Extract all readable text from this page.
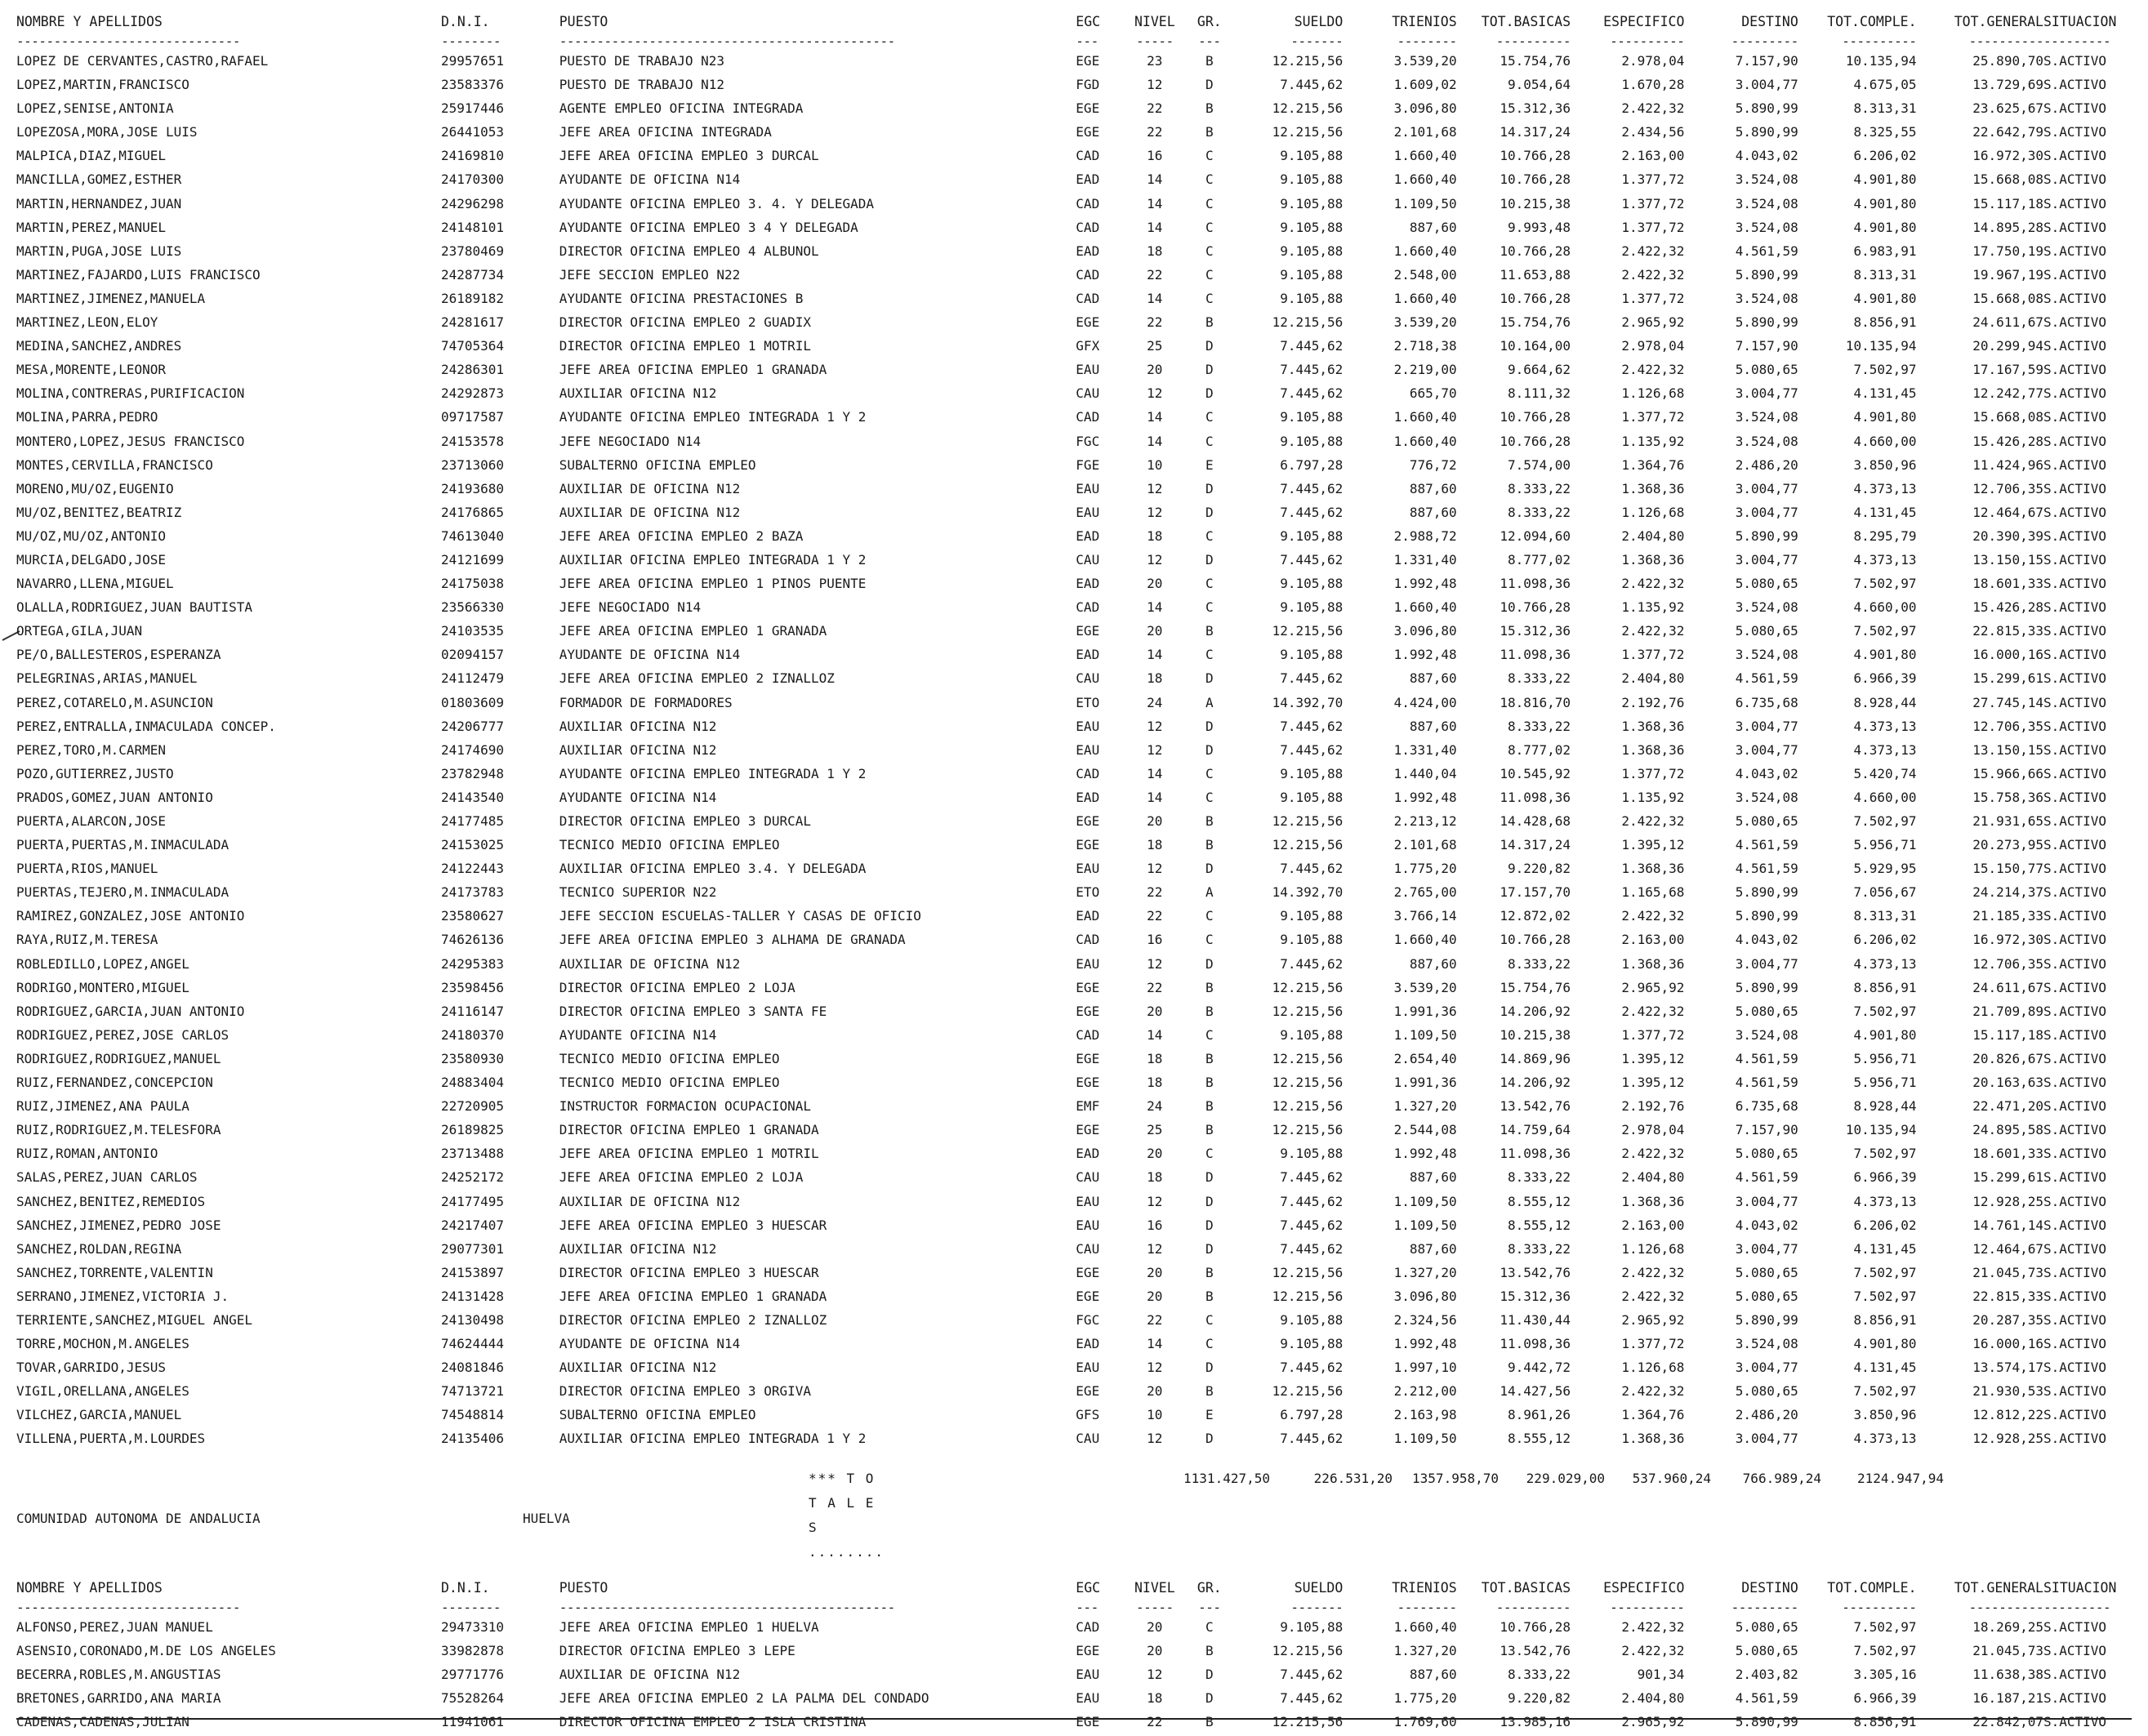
NOMBRE Y APELLIDOS	D.N.I.	PUESTO	EGC	NIVEL	GR.	SUELDO	TRIENIOS	TOT.BASICAS	ESPECIFICO	DESTINO	TOT.COMPLE.	TOT.GENERAL	SITUACION
------------------------------	--------	---------------------------------------------	---	-----	---	-------	--------	----------	----------	---------	----------	----------	---------
LOPEZ DE CERVANTES,CASTRO,RAFAEL	29957651	PUESTO DE TRABAJO N23	EGE	23	B	12.215,56	3.539,20	15.754,76	2.978,04	7.157,90	10.135,94	25.890,70	S.ACTIVO
LOPEZ,MARTIN,FRANCISCO	23583376	PUESTO DE TRABAJO N12	FGD	12	D	7.445,62	1.609,02	9.054,64	1.670,28	3.004,77	4.675,05	13.729,69	S.ACTIVO
LOPEZ,SENISE,ANTONIA	25917446	AGENTE EMPLEO OFICINA INTEGRADA	EGE	22	B	12.215,56	3.096,80	15.312,36	2.422,32	5.890,99	8.313,31	23.625,67	S.ACTIVO
LOPEZOSA,MORA,JOSE LUIS	26441053	JEFE AREA OFICINA INTEGRADA	EGE	22	B	12.215,56	2.101,68	14.317,24	2.434,56	5.890,99	8.325,55	22.642,79	S.ACTIVO
MALPICA,DIAZ,MIGUEL	24169810	JEFE AREA OFICINA EMPLEO 3 DURCAL	CAD	16	C	9.105,88	1.660,40	10.766,28	2.163,00	4.043,02	6.206,02	16.972,30	S.ACTIVO
MANCILLA,GOMEZ,ESTHER	24170300	AYUDANTE DE OFICINA N14	EAD	14	C	9.105,88	1.660,40	10.766,28	1.377,72	3.524,08	4.901,80	15.668,08	S.ACTIVO
MARTIN,HERNANDEZ,JUAN	24296298	AYUDANTE OFICINA EMPLEO 3. 4. Y DELEGADA	CAD	14	C	9.105,88	1.109,50	10.215,38	1.377,72	3.524,08	4.901,80	15.117,18	S.ACTIVO
MARTIN,PEREZ,MANUEL	24148101	AYUDANTE OFICINA EMPLEO 3 4 Y DELEGADA	CAD	14	C	9.105,88	887,60	9.993,48	1.377,72	3.524,08	4.901,80	14.895,28	S.ACTIVO
MARTIN,PUGA,JOSE LUIS	23780469	DIRECTOR OFICINA EMPLEO 4 ALBUNOL	EAD	18	C	9.105,88	1.660,40	10.766,28	2.422,32	4.561,59	6.983,91	17.750,19	S.ACTIVO
MARTINEZ,FAJARDO,LUIS FRANCISCO	24287734	JEFE SECCION EMPLEO N22	CAD	22	C	9.105,88	2.548,00	11.653,88	2.422,32	5.890,99	8.313,31	19.967,19	S.ACTIVO
MARTINEZ,JIMENEZ,MANUELA	26189182	AYUDANTE OFICINA PRESTACIONES B	CAD	14	C	9.105,88	1.660,40	10.766,28	1.377,72	3.524,08	4.901,80	15.668,08	S.ACTIVO
MARTINEZ,LEON,ELOY	24281617	DIRECTOR OFICINA EMPLEO 2 GUADIX	EGE	22	B	12.215,56	3.539,20	15.754,76	2.965,92	5.890,99	8.856,91	24.611,67	S.ACTIVO
MEDINA,SANCHEZ,ANDRES	74705364	DIRECTOR OFICINA EMPLEO 1 MOTRIL	GFX	25	D	7.445,62	2.718,38	10.164,00	2.978,04	7.157,90	10.135,94	20.299,94	S.ACTIVO
MESA,MORENTE,LEONOR	24286301	JEFE AREA OFICINA EMPLEO 1 GRANADA	EAU	20	D	7.445,62	2.219,00	9.664,62	2.422,32	5.080,65	7.502,97	17.167,59	S.ACTIVO
MOLINA,CONTRERAS,PURIFICACION	24292873	AUXILIAR OFICINA N12	CAU	12	D	7.445,62	665,70	8.111,32	1.126,68	3.004,77	4.131,45	12.242,77	S.ACTIVO
MOLINA,PARRA,PEDRO	09717587	AYUDANTE OFICINA EMPLEO INTEGRADA 1 Y 2	CAD	14	C	9.105,88	1.660,40	10.766,28	1.377,72	3.524,08	4.901,80	15.668,08	S.ACTIVO
MONTERO,LOPEZ,JESUS FRANCISCO	24153578	JEFE NEGOCIADO N14	FGC	14	C	9.105,88	1.660,40	10.766,28	1.135,92	3.524,08	4.660,00	15.426,28	S.ACTIVO
MONTES,CERVILLA,FRANCISCO	23713060	SUBALTERNO OFICINA EMPLEO	FGE	10	E	6.797,28	776,72	7.574,00	1.364,76	2.486,20	3.850,96	11.424,96	S.ACTIVO
MORENO,MU/OZ,EUGENIO	24193680	AUXILIAR DE OFICINA N12	EAU	12	D	7.445,62	887,60	8.333,22	1.368,36	3.004,77	4.373,13	12.706,35	S.ACTIVO
MU/OZ,BENITEZ,BEATRIZ	24176865	AUXILIAR DE OFICINA N12	EAU	12	D	7.445,62	887,60	8.333,22	1.126,68	3.004,77	4.131,45	12.464,67	S.ACTIVO
MU/OZ,MU/OZ,ANTONIO	74613040	JEFE AREA OFICINA EMPLEO 2 BAZA	EAD	18	C	9.105,88	2.988,72	12.094,60	2.404,80	5.890,99	8.295,79	20.390,39	S.ACTIVO
MURCIA,DELGADO,JOSE	24121699	AUXILIAR OFICINA EMPLEO INTEGRADA 1 Y 2	CAU	12	D	7.445,62	1.331,40	8.777,02	1.368,36	3.004,77	4.373,13	13.150,15	S.ACTIVO
NAVARRO,LLENA,MIGUEL	24175038	JEFE AREA OFICINA EMPLEO 1 PINOS PUENTE	EAD	20	C	9.105,88	1.992,48	11.098,36	2.422,32	5.080,65	7.502,97	18.601,33	S.ACTIVO
OLALLA,RODRIGUEZ,JUAN BAUTISTA	23566330	JEFE NEGOCIADO N14	CAD	14	C	9.105,88	1.660,40	10.766,28	1.135,92	3.524,08	4.660,00	15.426,28	S.ACTIVO
ORTEGA,GILA,JUAN	24103535	JEFE AREA OFICINA EMPLEO 1 GRANADA	EGE	20	B	12.215,56	3.096,80	15.312,36	2.422,32	5.080,65	7.502,97	22.815,33	S.ACTIVO
PE/O,BALLESTEROS,ESPERANZA	02094157	AYUDANTE DE OFICINA N14	EAD	14	C	9.105,88	1.992,48	11.098,36	1.377,72	3.524,08	4.901,80	16.000,16	S.ACTIVO
PELEGRINAS,ARIAS,MANUEL	24112479	JEFE AREA OFICINA EMPLEO 2 IZNALLOZ	CAU	18	D	7.445,62	887,60	8.333,22	2.404,80	4.561,59	6.966,39	15.299,61	S.ACTIVO
PEREZ,COTARELO,M.ASUNCION	01803609	FORMADOR DE FORMADORES	ETO	24	A	14.392,70	4.424,00	18.816,70	2.192,76	6.735,68	8.928,44	27.745,14	S.ACTIVO
PEREZ,ENTRALLA,INMACULADA CONCEP.	24206777	AUXILIAR OFICINA N12	EAU	12	D	7.445,62	887,60	8.333,22	1.368,36	3.004,77	4.373,13	12.706,35	S.ACTIVO
PEREZ,TORO,M.CARMEN	24174690	AUXILIAR OFICINA N12	EAU	12	D	7.445,62	1.331,40	8.777,02	1.368,36	3.004,77	4.373,13	13.150,15	S.ACTIVO
POZO,GUTIERREZ,JUSTO	23782948	AYUDANTE OFICINA EMPLEO INTEGRADA 1 Y 2	CAD	14	C	9.105,88	1.440,04	10.545,92	1.377,72	4.043,02	5.420,74	15.966,66	S.ACTIVO
PRADOS,GOMEZ,JUAN ANTONIO	24143540	AYUDANTE OFICINA N14	EAD	14	C	9.105,88	1.992,48	11.098,36	1.135,92	3.524,08	4.660,00	15.758,36	S.ACTIVO
PUERTA,ALARCON,JOSE	24177485	DIRECTOR OFICINA EMPLEO 3 DURCAL	EGE	20	B	12.215,56	2.213,12	14.428,68	2.422,32	5.080,65	7.502,97	21.931,65	S.ACTIVO
PUERTA,PUERTAS,M.INMACULADA	24153025	TECNICO MEDIO OFICINA EMPLEO	EGE	18	B	12.215,56	2.101,68	14.317,24	1.395,12	4.561,59	5.956,71	20.273,95	S.ACTIVO
PUERTA,RIOS,MANUEL	24122443	AUXILIAR OFICINA EMPLEO 3.4. Y DELEGADA	EAU	12	D	7.445,62	1.775,20	9.220,82	1.368,36	4.561,59	5.929,95	15.150,77	S.ACTIVO
PUERTAS,TEJERO,M.INMACULADA	24173783	TECNICO SUPERIOR N22	ETO	22	A	14.392,70	2.765,00	17.157,70	1.165,68	5.890,99	7.056,67	24.214,37	S.ACTIVO
RAMIREZ,GONZALEZ,JOSE ANTONIO	23580627	JEFE SECCION ESCUELAS-TALLER Y CASAS DE OFICIO	EAD	22	C	9.105,88	3.766,14	12.872,02	2.422,32	5.890,99	8.313,31	21.185,33	S.ACTIVO
RAYA,RUIZ,M.TERESA	74626136	JEFE AREA OFICINA EMPLEO 3 ALHAMA DE GRANADA	CAD	16	C	9.105,88	1.660,40	10.766,28	2.163,00	4.043,02	6.206,02	16.972,30	S.ACTIVO
ROBLEDILLO,LOPEZ,ANGEL	24295383	AUXILIAR DE OFICINA N12	EAU	12	D	7.445,62	887,60	8.333,22	1.368,36	3.004,77	4.373,13	12.706,35	S.ACTIVO
RODRIGO,MONTERO,MIGUEL	23598456	DIRECTOR OFICINA EMPLEO 2 LOJA	EGE	22	B	12.215,56	3.539,20	15.754,76	2.965,92	5.890,99	8.856,91	24.611,67	S.ACTIVO
RODRIGUEZ,GARCIA,JUAN ANTONIO	24116147	DIRECTOR OFICINA EMPLEO 3 SANTA FE	EGE	20	B	12.215,56	1.991,36	14.206,92	2.422,32	5.080,65	7.502,97	21.709,89	S.ACTIVO
RODRIGUEZ,PEREZ,JOSE CARLOS	24180370	AYUDANTE OFICINA N14	CAD	14	C	9.105,88	1.109,50	10.215,38	1.377,72	3.524,08	4.901,80	15.117,18	S.ACTIVO
RODRIGUEZ,RODRIGUEZ,MANUEL	23580930	TECNICO MEDIO OFICINA EMPLEO	EGE	18	B	12.215,56	2.654,40	14.869,96	1.395,12	4.561,59	5.956,71	20.826,67	S.ACTIVO
RUIZ,FERNANDEZ,CONCEPCION	24883404	TECNICO MEDIO OFICINA EMPLEO	EGE	18	B	12.215,56	1.991,36	14.206,92	1.395,12	4.561,59	5.956,71	20.163,63	S.ACTIVO
RUIZ,JIMENEZ,ANA PAULA	22720905	INSTRUCTOR FORMACION OCUPACIONAL	EMF	24	B	12.215,56	1.327,20	13.542,76	2.192,76	6.735,68	8.928,44	22.471,20	S.ACTIVO
RUIZ,RODRIGUEZ,M.TELESFORA	26189825	DIRECTOR OFICINA EMPLEO 1 GRANADA	EGE	25	B	12.215,56	2.544,08	14.759,64	2.978,04	7.157,90	10.135,94	24.895,58	S.ACTIVO
RUIZ,ROMAN,ANTONIO	23713488	JEFE AREA OFICINA EMPLEO 1 MOTRIL	EAD	20	C	9.105,88	1.992,48	11.098,36	2.422,32	5.080,65	7.502,97	18.601,33	S.ACTIVO
SALAS,PEREZ,JUAN CARLOS	24252172	JEFE AREA OFICINA EMPLEO 2 LOJA	CAU	18	D	7.445,62	887,60	8.333,22	2.404,80	4.561,59	6.966,39	15.299,61	S.ACTIVO
SANCHEZ,BENITEZ,REMEDIOS	24177495	AUXILIAR DE OFICINA N12	EAU	12	D	7.445,62	1.109,50	8.555,12	1.368,36	3.004,77	4.373,13	12.928,25	S.ACTIVO
SANCHEZ,JIMENEZ,PEDRO JOSE	24217407	JEFE AREA OFICINA EMPLEO 3 HUESCAR	EAU	16	D	7.445,62	1.109,50	8.555,12	2.163,00	4.043,02	6.206,02	14.761,14	S.ACTIVO
SANCHEZ,ROLDAN,REGINA	29077301	AUXILIAR OFICINA N12	CAU	12	D	7.445,62	887,60	8.333,22	1.126,68	3.004,77	4.131,45	12.464,67	S.ACTIVO
SANCHEZ,TORRENTE,VALENTIN	24153897	DIRECTOR OFICINA EMPLEO 3 HUESCAR	EGE	20	B	12.215,56	1.327,20	13.542,76	2.422,32	5.080,65	7.502,97	21.045,73	S.ACTIVO
SERRANO,JIMENEZ,VICTORIA J.	24131428	JEFE AREA OFICINA EMPLEO 1 GRANADA	EGE	20	B	12.215,56	3.096,80	15.312,36	2.422,32	5.080,65	7.502,97	22.815,33	S.ACTIVO
TERRIENTE,SANCHEZ,MIGUEL ANGEL	24130498	DIRECTOR OFICINA EMPLEO 2 IZNALLOZ	FGC	22	C	9.105,88	2.324,56	11.430,44	2.965,92	5.890,99	8.856,91	20.287,35	S.ACTIVO
TORRE,MOCHON,M.ANGELES	74624444	AYUDANTE DE OFICINA N14	EAD	14	C	9.105,88	1.992,48	11.098,36	1.377,72	3.524,08	4.901,80	16.000,16	S.ACTIVO
TOVAR,GARRIDO,JESUS	24081846	AUXILIAR OFICINA N12	EAU	12	D	7.445,62	1.997,10	9.442,72	1.126,68	3.004,77	4.131,45	13.574,17	S.ACTIVO
VIGIL,ORELLANA,ANGELES	74713721	DIRECTOR OFICINA EMPLEO 3 ORGIVA	EGE	20	B	12.215,56	2.212,00	14.427,56	2.422,32	5.080,65	7.502,97	21.930,53	S.ACTIVO
VILCHEZ,GARCIA,MANUEL	74548814	SUBALTERNO OFICINA EMPLEO	GFS	10	E	6.797,28	2.163,98	8.961,26	1.364,76	2.486,20	3.850,96	12.812,22	S.ACTIVO
VILLENA,PUERTA,M.LOURDES	24135406	AUXILIAR OFICINA EMPLEO INTEGRADA 1 Y 2	CAU	12	D	7.445,62	1.109,50	8.555,12	1.368,36	3.004,77	4.373,13	12.928,25	S.ACTIVO
*** T O T A L E S ........
1131.427,50	226.531,20	1357.958,70	229.029,00	537.960,24	766.989,24	2124.947,94
COMUNIDAD AUTONOMA DE ANDALUCIA	HUELVA
NOMBRE Y APELLIDOS	D.N.I.	PUESTO	EGC	NIVEL	GR.	SUELDO	TRIENIOS	TOT.BASICAS	ESPECIFICO	DESTINO	TOT.COMPLE.	TOT.GENERAL	SITUACION
------------------------------	--------	---------------------------------------------	---	-----	---	-------	--------	----------	----------	---------	----------	----------	---------
ALFONSO,PEREZ,JUAN MANUEL	29473310	JEFE AREA OFICINA EMPLEO 1 HUELVA	CAD	20	C	9.105,88	1.660,40	10.766,28	2.422,32	5.080,65	7.502,97	18.269,25	S.ACTIVO
ASENSIO,CORONADO,M.DE LOS ANGELES	33982878	DIRECTOR OFICINA EMPLEO 3 LEPE	EGE	20	B	12.215,56	1.327,20	13.542,76	2.422,32	5.080,65	7.502,97	21.045,73	S.ACTIVO
BECERRA,ROBLES,M.ANGUSTIAS	29771776	AUXILIAR DE OFICINA N12	EAU	12	D	7.445,62	887,60	8.333,22	901,34	2.403,82	3.305,16	11.638,38	S.ACTIVO
BRETONES,GARRIDO,ANA MARIA	75528264	JEFE AREA OFICINA EMPLEO 2 LA PALMA DEL CONDADO	EAU	18	D	7.445,62	1.775,20	9.220,82	2.404,80	4.561,59	6.966,39	16.187,21	S.ACTIVO
CADENAS,CADENAS,JULIAN	11941061	DIRECTOR OFICINA EMPLEO 2 ISLA CRISTINA	EGE	22	B	12.215,56	1.769,60	13.985,16	2.965,92	5.890,99	8.856,91	22.842,07	S.ACTIVO
